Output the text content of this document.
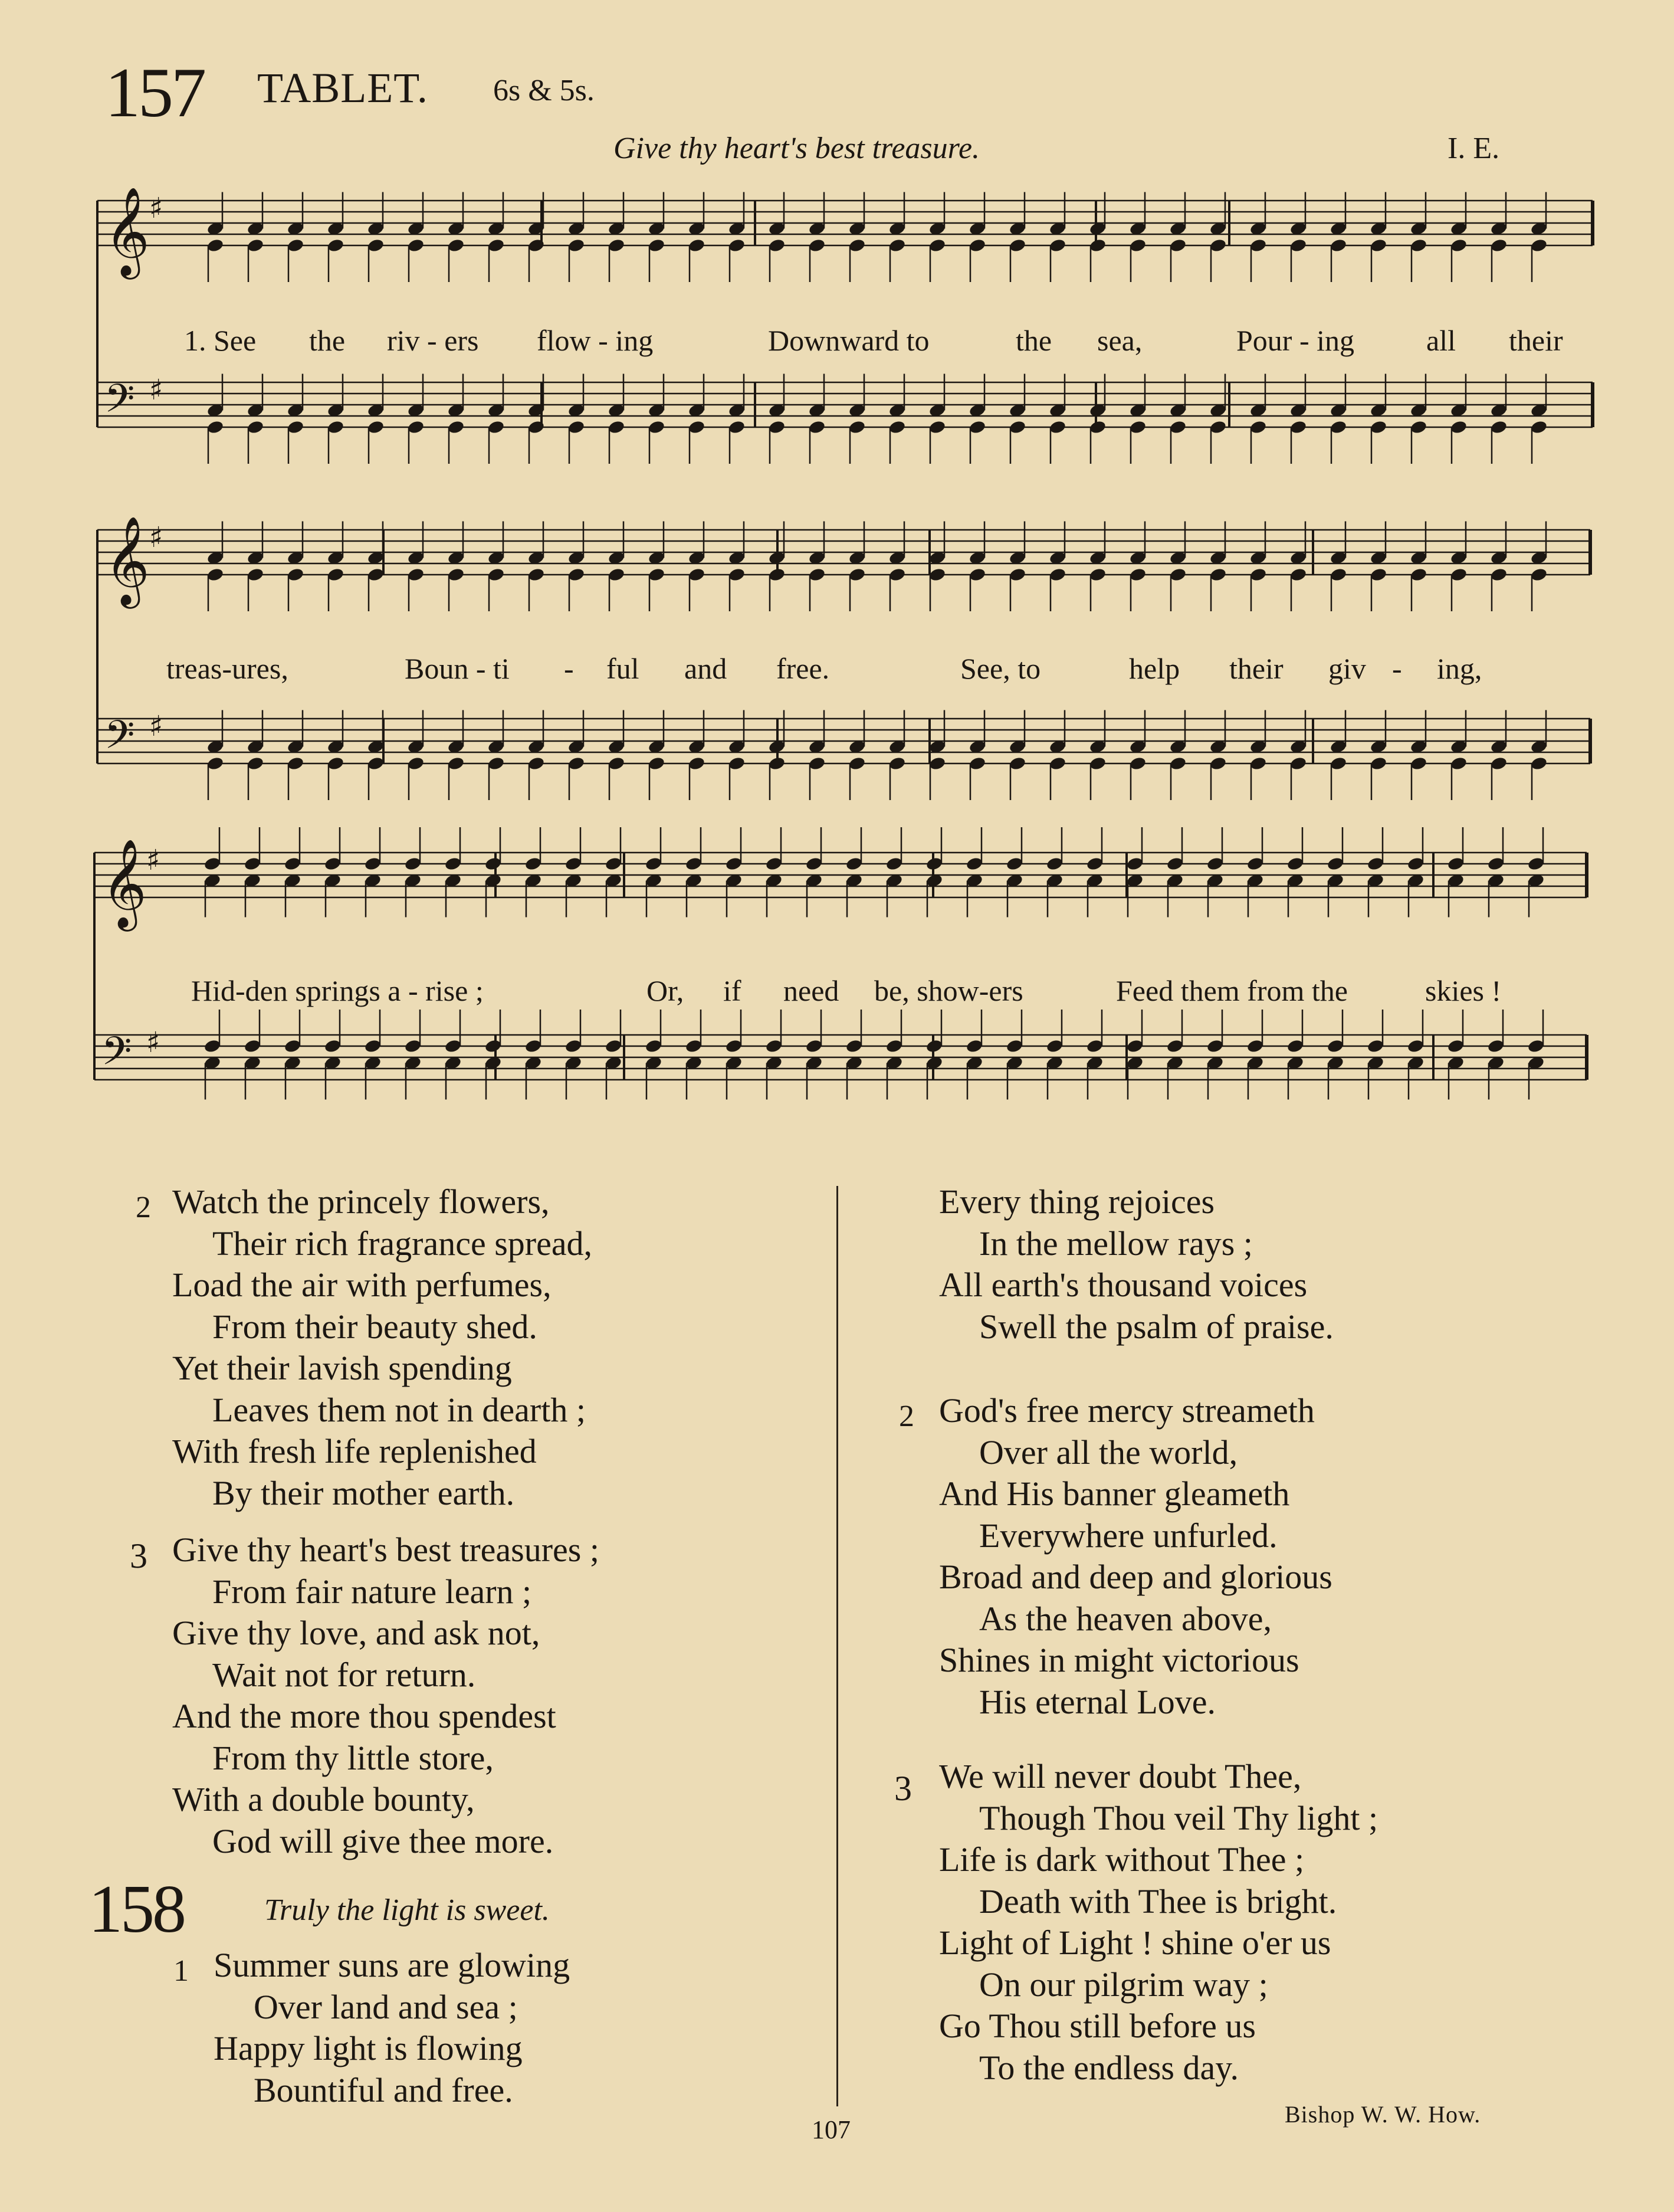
157 TABLET. 6s & 5s.
Give thy heart's best treasure.	I. E.
𝄞 ♯
𝄢 ♯
𝄞 ♯
𝄢 ♯
𝄞 ♯
𝄢 ♯
1. See the riv - ers flow - ing	Downward to	the sea,	Pour - ing all their
treas-ures,	Boun - ti - ful and free.	See, to	help their giv - ing,
Hid-den springs a - rise ;	Or, if need be, show-ers	Feed them from the	skies !
2 Watch the princely flowers,
Their rich fragrance spread,
Load the air with perfumes,
From their beauty shed.
Yet their lavish spending
Leaves them not in dearth ;
With fresh life replenished
By their mother earth.
3 Give thy heart's best treasures ;
From fair nature learn ;
Give thy love, and ask not,
Wait not for return.
And the more thou spendest
From thy little store,
With a double bounty,
God will give thee more.
158	Truly the light is sweet.
1 Summer suns are glowing
Over land and sea ;
Happy light is flowing
Bountiful and free.
Every thing rejoices
In the mellow rays ;
All earth's thousand voices
Swell the psalm of praise.
2 God's free mercy streameth
Over all the world,
And His banner gleameth
Everywhere unfurled.
Broad and deep and glorious
As the heaven above,
Shines in might victorious
His eternal Love.
3 We will never doubt Thee,
Though Thou veil Thy light ;
Life is dark without Thee ;
Death with Thee is bright.
Light of Light ! shine o'er us
On our pilgrim way ;
Go Thou still before us
To the endless day.
Bishop W. W. How.
107
